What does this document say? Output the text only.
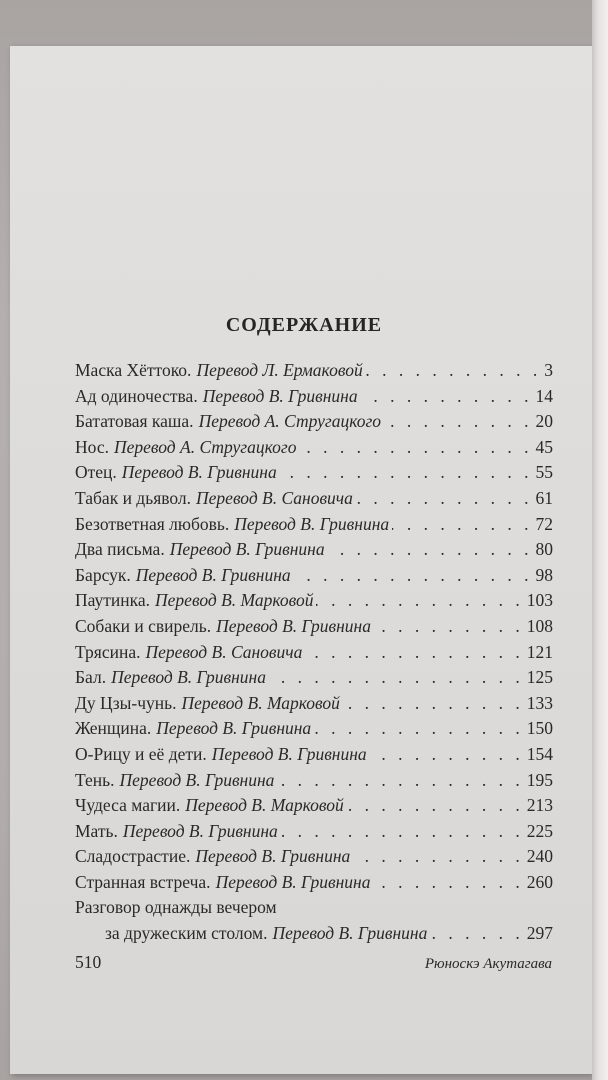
СОДЕРЖАНИЕ
Маска Хёттоко. Перевод Л. Ермаковой . . .	3
Ад одиночества. Перевод В. Гривнина . . .	14
Бататовая каша. Перевод А. Стругацкого . . .	20
Нос. Перевод А. Стругацкого . . .	45
Отец. Перевод В. Гривнина . . .	55
Табак и дьявол. Перевод В. Сановича . . .	61
Безответная любовь. Перевод В. Гривнина . . .	72
Два письма. Перевод В. Гривнина . . .	80
Барсук. Перевод В. Гривнина . . .	98
Паутинка. Перевод В. Марковой . . .	103
Собаки и свирель. Перевод В. Гривнина . . .	108
Трясина. Перевод В. Сановича . . .	121
Бал. Перевод В. Гривнина . . .	125
Ду Цзы-чунь. Перевод В. Марковой . . .	133
Женщина. Перевод В. Гривнина . . .	150
О-Рицу и её дети. Перевод В. Гривнина . . .	154
Тень. Перевод В. Гривнина . . .	195
Чудеса магии. Перевод В. Марковой . . .	213
Мать. Перевод В. Гривнина . . .	225
Сладострастие. Перевод В. Гривнина . . .	240
Странная встреча. Перевод В. Гривнина . . .	260
Разговор однажды вечером
за дружеским столом. Перевод В. Гривнина . . .	297
510	Рюноскэ Акутагава
